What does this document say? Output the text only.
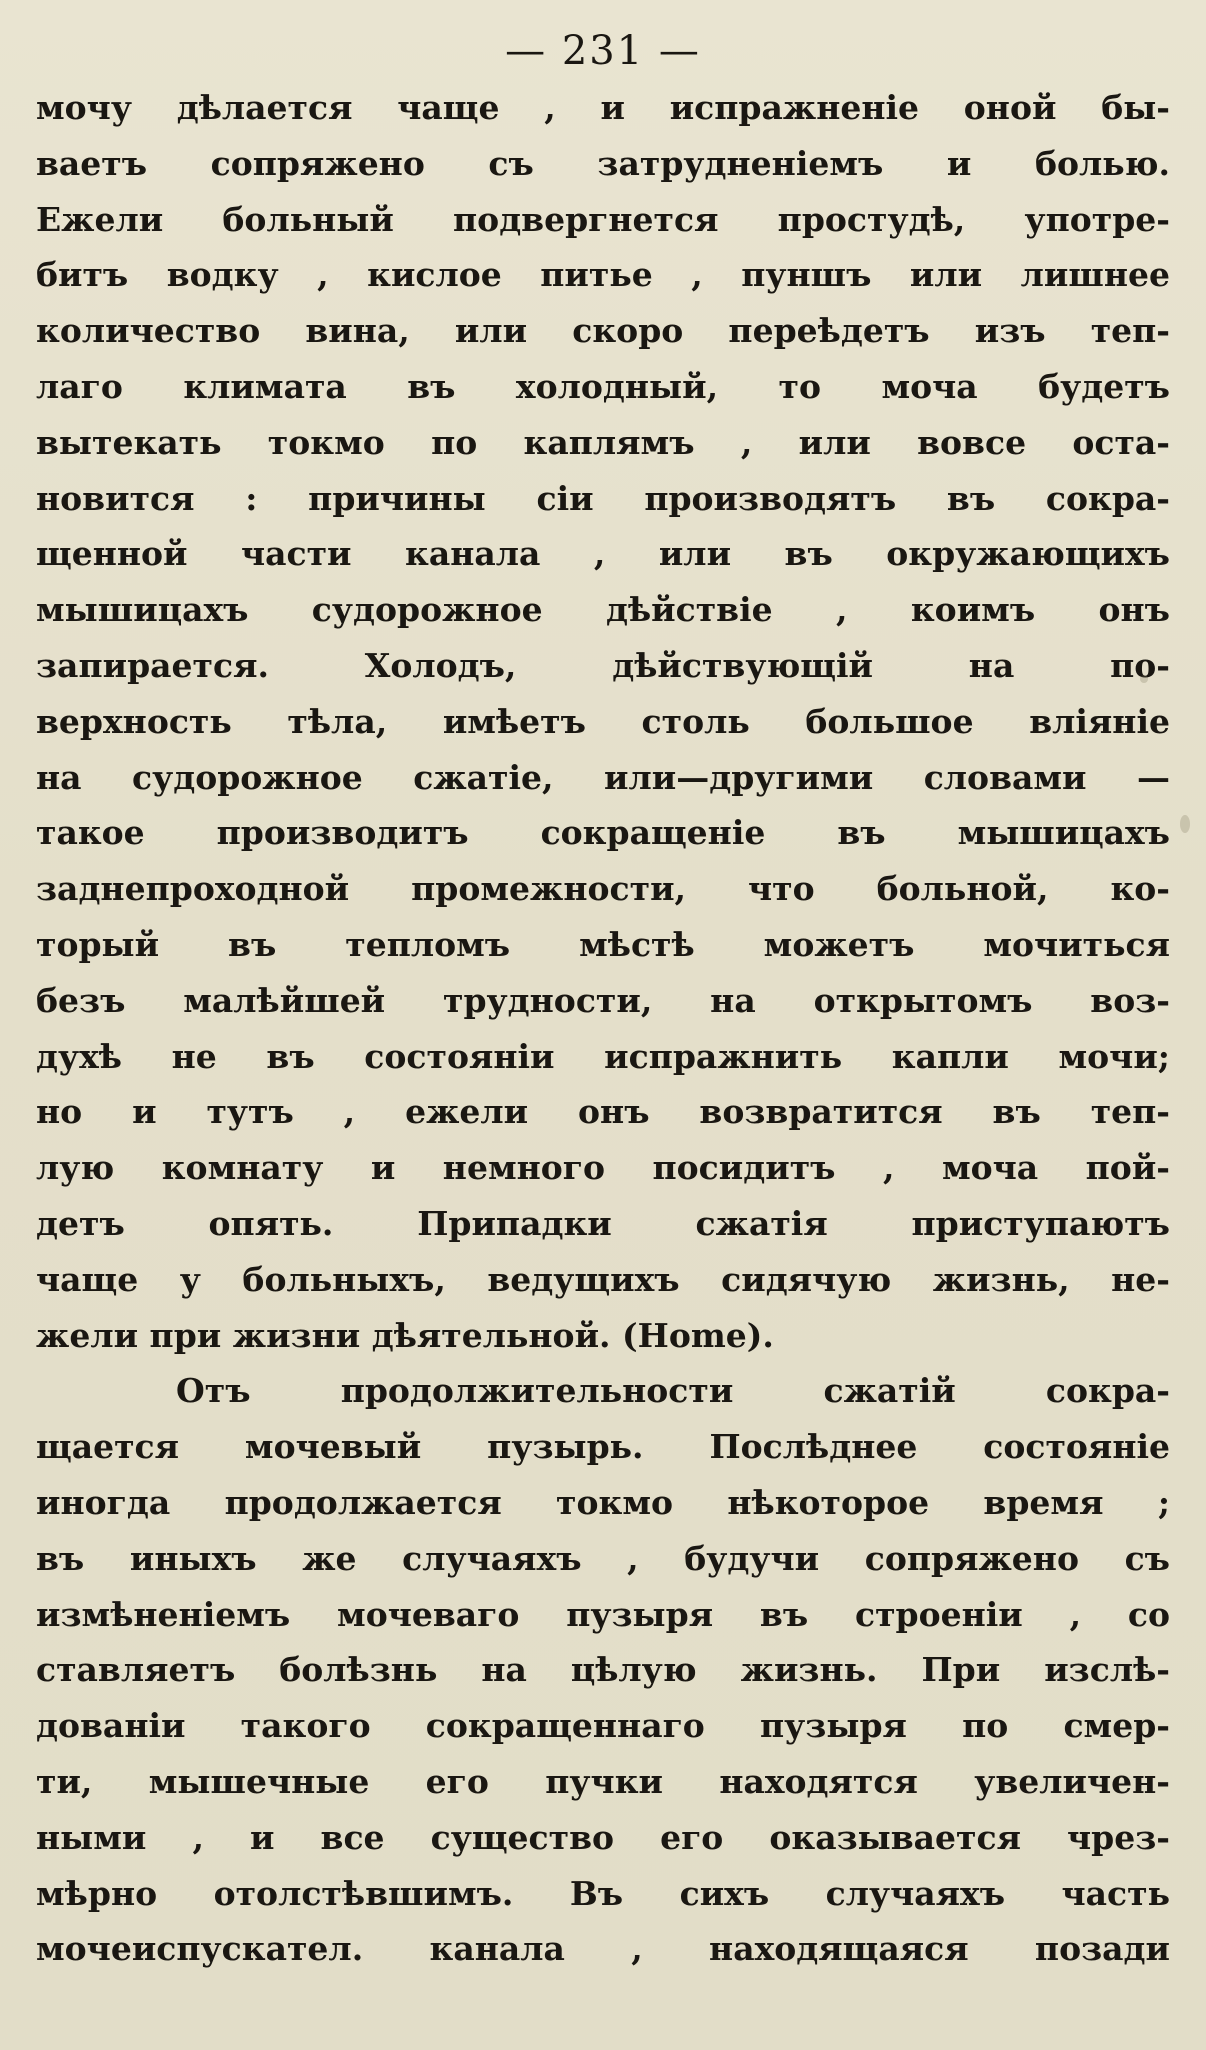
— 231 —
мочу дѣлается чаще , и испражненіе оной бы-
ваетъ сопряжено съ затрудненіемъ и болью.
Ежели больный подвергнется простудѣ, употре-
битъ водку , кислое питье , пуншъ или лишнее
количество вина, или скоро переѣдетъ изъ теп-
лаго климата въ холодный, то моча будетъ
вытекать токмо по каплямъ , или вовсе оста-
новится : причины сіи производятъ въ сокра-
щенной части канала , или въ окружающихъ
мышицахъ судорожное дѣйствіе , коимъ онъ
запирается. Холодъ, дѣйствующій на по-
верхность тѣла, имѣетъ столь большое вліяніе
на судорожное сжатіе, или—другими словами —
такое производитъ сокращеніе въ мышицахъ
заднепроходной промежности, что больной, ко-
торый въ тепломъ мѣстѣ можетъ мочиться
безъ малѣйшей трудности, на открытомъ воз-
духѣ не въ состояніи испражнить капли мочи;
но и тутъ , ежели онъ возвратится въ теп-
лую комнату и немного посидитъ , моча пой-
детъ опять. Припадки сжатія приступаютъ
чаще у больныхъ, ведущихъ сидячую жизнь, не-
жели при жизни дѣятельной. (Home).
Отъ продолжительности сжатій сокра-
щается мочевый пузырь. Послѣднее состояніе
иногда продолжается токмо нѣкоторое время ;
въ иныхъ же случаяхъ , будучи сопряжено съ
измѣненіемъ мочеваго пузыря въ строеніи , со
ставляетъ болѣзнь на цѣлую жизнь. При изслѣ-
дованіи такого сокращеннаго пузыря по смер-
ти, мышечные его пучки находятся увеличен-
ными , и все существо его оказывается чрез-
мѣрно отолстѣвшимъ. Въ сихъ случаяхъ часть
мочеиспускател. канала , находящаяся позади
